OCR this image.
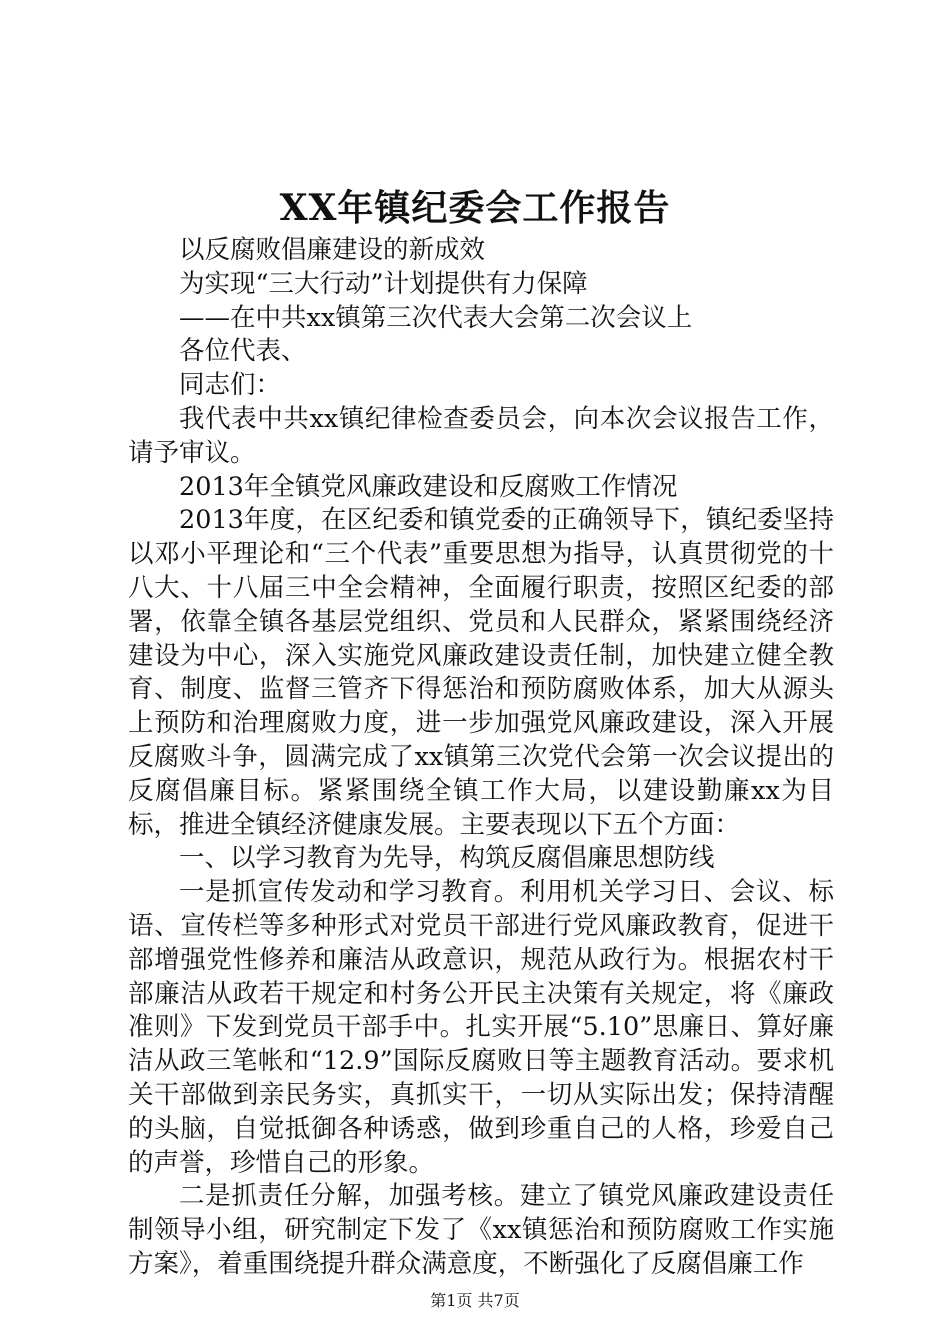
XX年镇纪委会工作报告

以反腐败倡廉建设的新成效

为实现“三大行动”计划提供有力保障

——在中共xx镇第三次代表大会第二次会议上

各位代表、

同志们：

我代表中共xx镇纪律检查委员会，向本次会议报告工作，请予审议。

2013年全镇党风廉政建设和反腐败工作情况

2013年度，在区纪委和镇党委的正确领导下，镇纪委坚持以邓小平理论和“三个代表”重要思想为指导，认真贯彻党的十八大、十八届三中全会精神，全面履行职责，按照区纪委的部署，依靠全镇各基层党组织、党员和人民群众，紧紧围绕经济建设为中心，深入实施党风廉政建设责任制，加快建立健全教育、制度、监督三管齐下得惩治和预防腐败体系，加大从源头上预防和治理腐败力度，进一步加强党风廉政建设，深入开展反腐败斗争，圆满完成了xx镇第三次党代会第一次会议提出的反腐倡廉目标。紧紧围绕全镇工作大局，以建设勤廉xx为目标，推进全镇经济健康发展。主要表现以下五个方面：

一、以学习教育为先导，构筑反腐倡廉思想防线

一是抓宣传发动和学习教育。利用机关学习日、会议、标语、宣传栏等多种形式对党员干部进行党风廉政教育，促进干部增强党性修养和廉洁从政意识，规范从政行为。根据农村干部廉洁从政若干规定和村务公开民主决策有关规定，将《廉政准则》下发到党员干部手中。扎实开展“5.10”思廉日、算好廉洁从政三笔帐和“12.9”国际反腐败日等主题教育活动。要求机关干部做到亲民务实，真抓实干，一切从实际出发；保持清醒的头脑，自觉抵御各种诱惑，做到珍重自己的人格，珍爱自己的声誉，珍惜自己的形象。

二是抓责任分解，加强考核。建立了镇党风廉政建设责任制领导小组，研究制定下发了《xx镇惩治和预防腐败工作实施方案》，着重围绕提升群众满意度，不断强化了反腐倡廉工作

第1页 共7页
